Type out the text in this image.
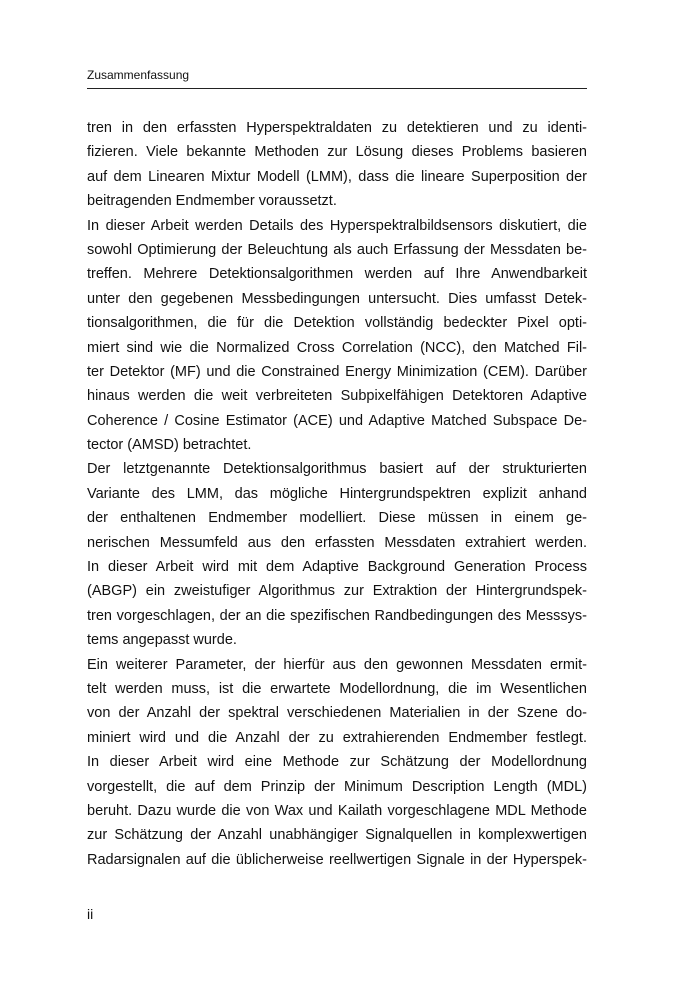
Zusammenfassung
tren in den erfassten Hyperspektraldaten zu detektieren und zu identi-
fizieren. Viele bekannte Methoden zur Lösung dieses Problems basieren
auf dem Linearen Mixtur Modell (LMM), dass die lineare Superposition der
beitragenden Endmember voraussetzt.
In dieser Arbeit werden Details des Hyperspektralbildsensors diskutiert, die
sowohl Optimierung der Beleuchtung als auch Erfassung der Messdaten be-
treffen. Mehrere Detektionsalgorithmen werden auf Ihre Anwendbarkeit
unter den gegebenen Messbedingungen untersucht. Dies umfasst Detek-
tionsalgorithmen, die für die Detektion vollständig bedeckter Pixel opti-
miert sind wie die Normalized Cross Correlation (NCC), den Matched Fil-
ter Detektor (MF) und die Constrained Energy Minimization (CEM). Darüber
hinaus werden die weit verbreiteten Subpixelfähigen Detektoren Adaptive
Coherence / Cosine Estimator (ACE) und Adaptive Matched Subspace De-
tector (AMSD) betrachtet.
Der letztgenannte Detektionsalgorithmus basiert auf der strukturierten
Variante des LMM, das mögliche Hintergrundspektren explizit anhand
der enthaltenen Endmember modelliert. Diese müssen in einem ge-
nerischen Messumfeld aus den erfassten Messdaten extrahiert werden.
In dieser Arbeit wird mit dem Adaptive Background Generation Process
(ABGP) ein zweistufiger Algorithmus zur Extraktion der Hintergrundspek-
tren vorgeschlagen, der an die spezifischen Randbedingungen des Messsys-
tems angepasst wurde.
Ein weiterer Parameter, der hierfür aus den gewonnen Messdaten ermit-
telt werden muss, ist die erwartete Modellordnung, die im Wesentlichen
von der Anzahl der spektral verschiedenen Materialien in der Szene do-
miniert wird und die Anzahl der zu extrahierenden Endmember festlegt.
In dieser Arbeit wird eine Methode zur Schätzung der Modellordnung
vorgestellt, die auf dem Prinzip der Minimum Description Length (MDL)
beruht. Dazu wurde die von Wax und Kailath vorgeschlagene MDL Methode
zur Schätzung der Anzahl unabhängiger Signalquellen in komplexwertigen
Radarsignalen auf die üblicherweise reellwertigen Signale in der Hyperspek-
ii
